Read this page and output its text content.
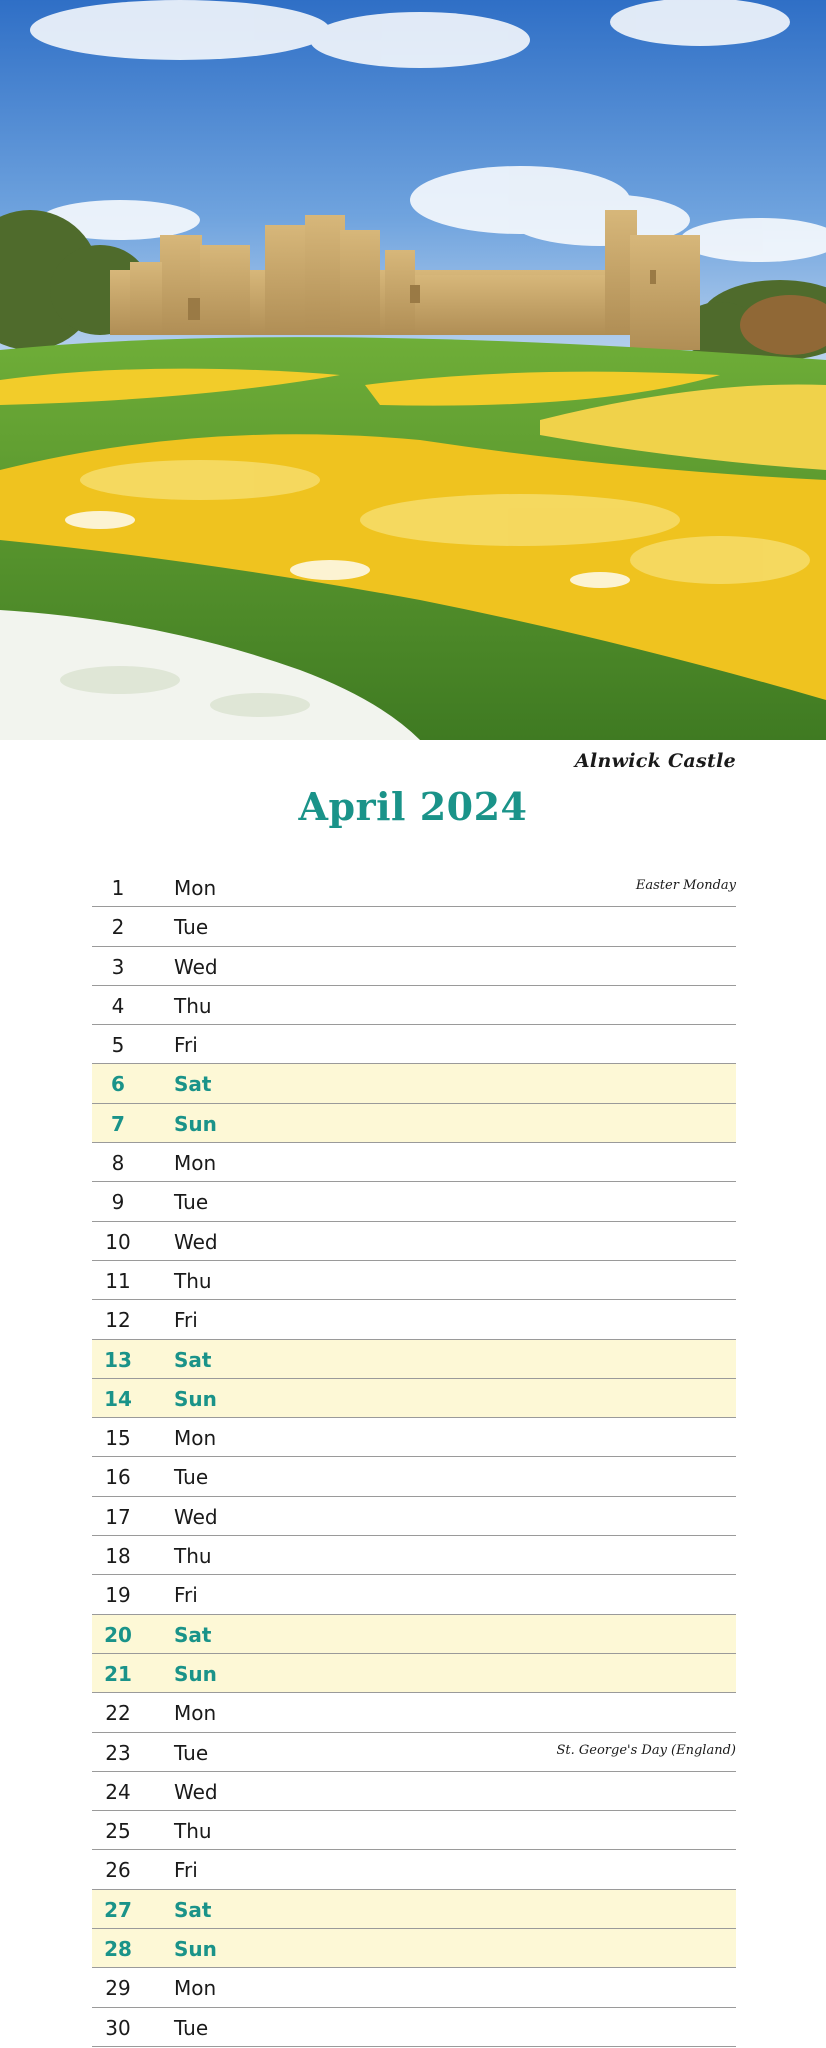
Alnwick Castle
April 2024
1	Mon	Easter Monday
2	Tue
3	Wed
4	Thu
5	Fri
6	Sat
7	Sun
8	Mon
9	Tue
10	Wed
11	Thu
12	Fri
13	Sat
14	Sun
15	Mon
16	Tue
17	Wed
18	Thu
19	Fri
20	Sat
21	Sun
22	Mon
23	Tue	St. George's Day (England)
24	Wed
25	Thu
26	Fri
27	Sat
28	Sun
29	Mon
30	Tue
